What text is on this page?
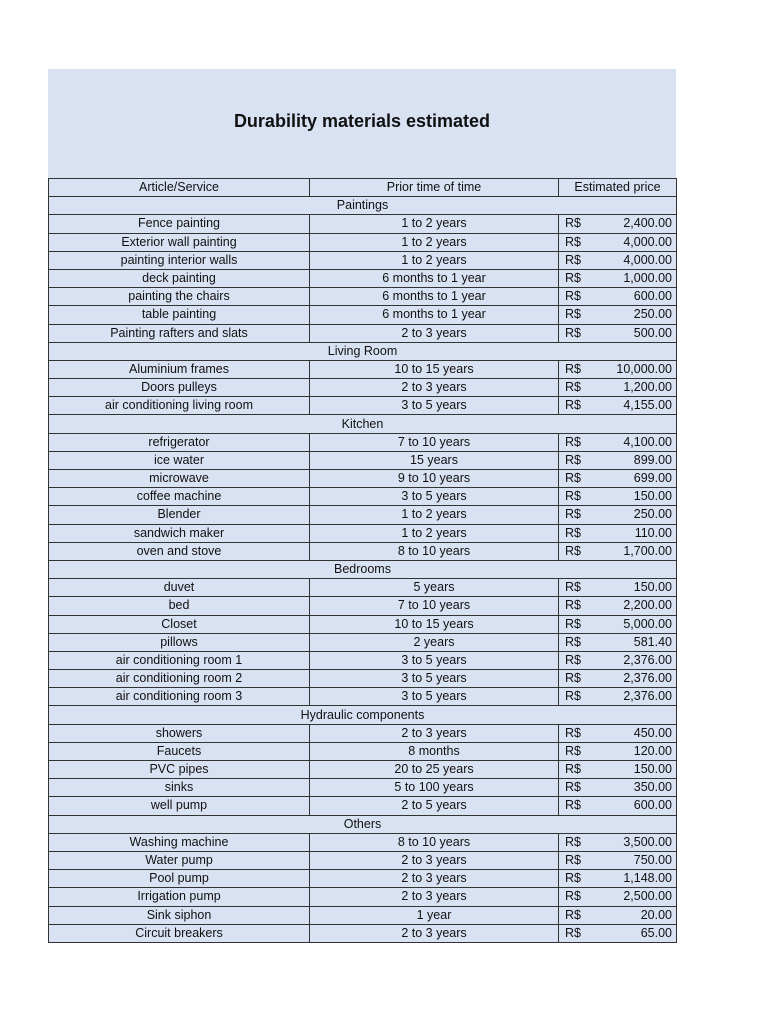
Durability materials estimated
Article/Service	Prior time of time	Estimated price
Paintings		
Fence painting	1 to 2 years	R$ 2,400.00

Exterior wall painting	1 to 2 years	R$ 4,000.00

painting interior walls	1 to 2 years	R$ 4,000.00

deck painting	6 months to 1 year	R$ 1,000.00

painting the chairs	6 months to 1 year	R$ 600.00

table painting	6 months to 1 year	R$ 250.00

Painting rafters and slats	2 to 3 years	R$ 500.00

Living Room		
Aluminium frames	10 to 15 years	R$ 10,000.00

Doors pulleys	2 to 3 years	R$ 1,200.00

air conditioning living room	3 to 5 years	R$ 4,155.00

Kitchen		
refrigerator	7 to 10 years	R$ 4,100.00

ice water	15 years	R$ 899.00

microwave	9 to 10 years	R$ 699.00

coffee machine	3 to 5 years	R$ 150.00

Blender	1 to 2 years	R$ 250.00

sandwich maker	1 to 2 years	R$ 110.00

oven and stove	8 to 10 years	R$ 1,700.00

Bedrooms		
duvet	5 years	R$ 150.00

bed	7 to 10 years	R$ 2,200.00

Closet	10 to 15 years	R$ 5,000.00

pillows	2 years	R$ 581.40

air conditioning room 1	3 to 5 years	R$ 2,376.00

air conditioning room 2	3 to 5 years	R$ 2,376.00

air conditioning room 3	3 to 5 years	R$ 2,376.00

Hydraulic components		
showers	2 to 3 years	R$ 450.00

Faucets	8 months	R$ 120.00

PVC pipes	20 to 25 years	R$ 150.00

sinks	5 to 100 years	R$ 350.00

well pump	2 to 5 years	R$ 600.00

Others		
Washing machine	8 to 10 years	R$ 3,500.00

Water pump	2 to 3 years	R$ 750.00

Pool pump	2 to 3 years	R$ 1,148.00

Irrigation pump	2 to 3 years	R$ 2,500.00

Sink siphon	1 year	R$ 20.00

Circuit breakers	2 to 3 years	R$ 65.00
